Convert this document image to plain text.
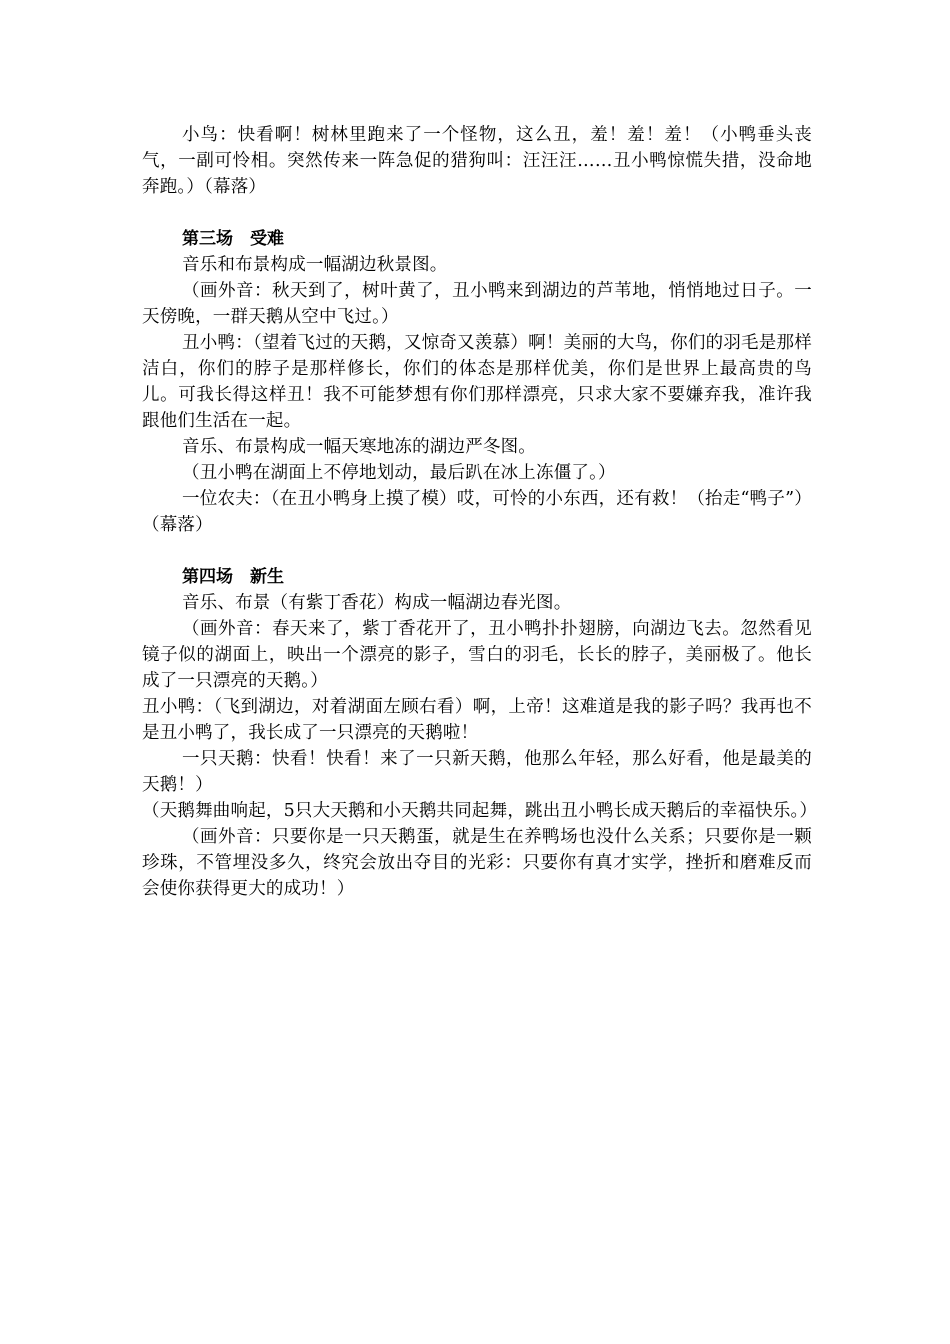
小鸟：快看啊！树林里跑来了一个怪物，这么丑，羞！羞！羞！（小鸭垂头丧气，一副可怜相。突然传来一阵急促的猎狗叫：汪汪汪……丑小鸭惊慌失措，没命地奔跑。）（幕落）

第三场　受难

音乐和布景构成一幅湖边秋景图。

（画外音：秋天到了，树叶黄了，丑小鸭来到湖边的芦苇地，悄悄地过日子。一天傍晚，一群天鹅从空中飞过。）

丑小鸭：（望着飞过的天鹅，又惊奇又羡慕）啊！美丽的大鸟，你们的羽毛是那样洁白，你们的脖子是那样修长，你们的体态是那样优美，你们是世界上最高贵的鸟儿。可我长得这样丑！我不可能梦想有你们那样漂亮，只求大家不要嫌弃我，准许我跟他们生活在一起。

音乐、布景构成一幅天寒地冻的湖边严冬图。

（丑小鸭在湖面上不停地划动，最后趴在冰上冻僵了。）

一位农夫：（在丑小鸭身上摸了模）哎，可怜的小东西，还有救！（抬走“鸭子”）（幕落）

第四场　新生

音乐、布景（有紫丁香花）构成一幅湖边春光图。

（画外音：春天来了，紫丁香花开了，丑小鸭扑扑翅膀，向湖边飞去。忽然看见镜子似的湖面上，映出一个漂亮的影子，雪白的羽毛，长长的脖子，美丽极了。他长成了一只漂亮的天鹅。）

丑小鸭：（飞到湖边，对着湖面左顾右看）啊，上帝！这难道是我的影子吗？我再也不是丑小鸭了，我长成了一只漂亮的天鹅啦！

一只天鹅：快看！快看！来了一只新天鹅，他那么年轻，那么好看，他是最美的天鹅！）

（天鹅舞曲响起，5只大天鹅和小天鹅共同起舞，跳出丑小鸭长成天鹅后的幸福快乐。）

（画外音：只要你是一只天鹅蛋，就是生在养鸭场也没什么关系；只要你是一颗珍珠，不管埋没多久，终究会放出夺目的光彩：只要你有真才实学，挫折和磨难反而会使你获得更大的成功！）
